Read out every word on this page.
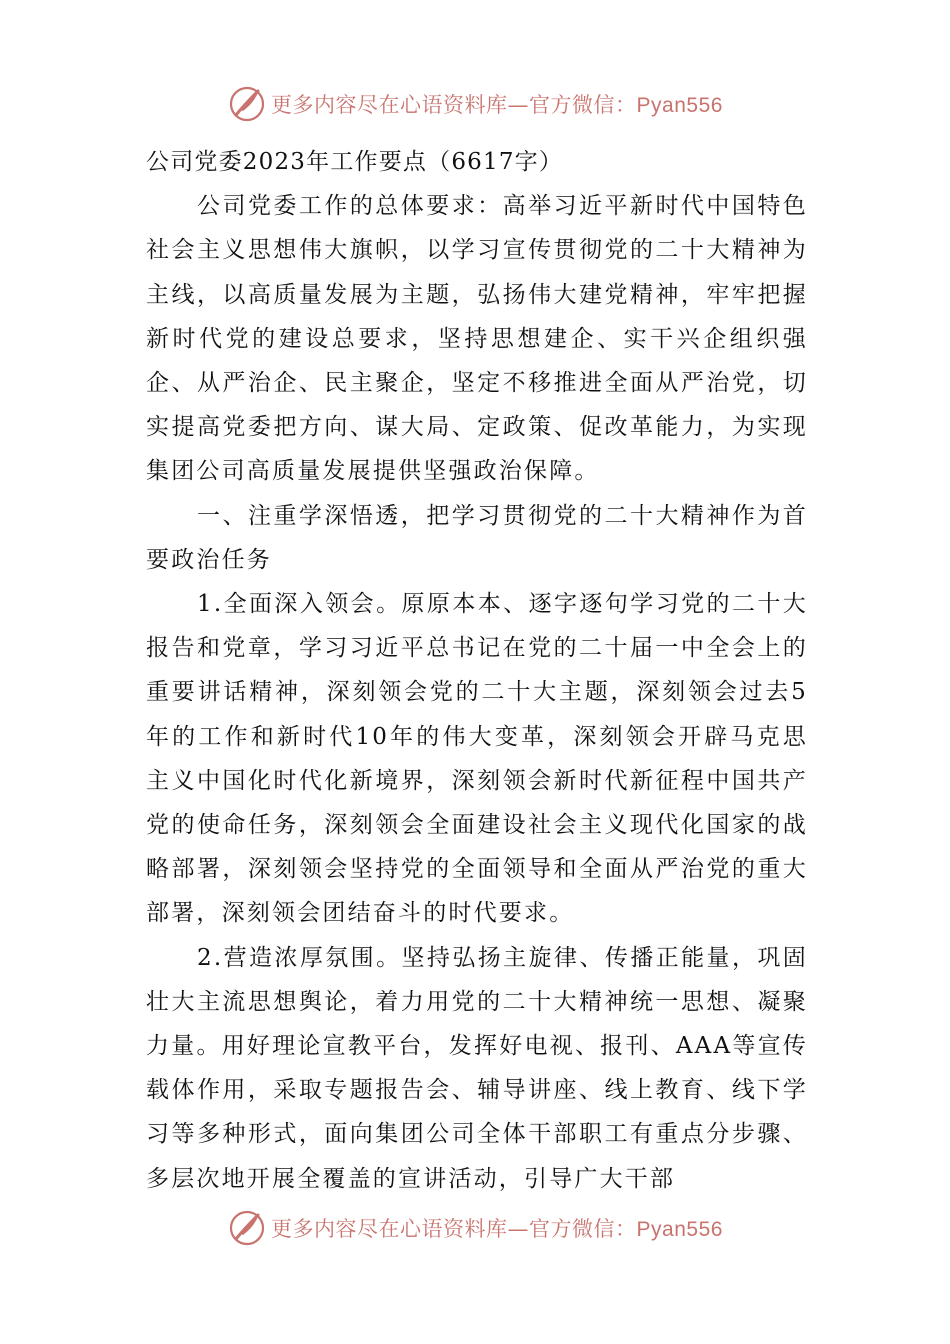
更多内容尽在心语资料库—官方微信：Pyan556

公司党委2023年工作要点（6617字）

公司党委工作的总体要求：高举习近平新时代中国特色社会主义思想伟大旗帜，以学习宣传贯彻党的二十大精神为主线，以高质量发展为主题，弘扬伟大建党精神，牢牢把握新时代党的建设总要求，坚持思想建企、实干兴企组织强企、从严治企、民主聚企，坚定不移推进全面从严治党，切实提高党委把方向、谋大局、定政策、促改革能力，为实现集团公司高质量发展提供坚强政治保障。

一、注重学深悟透，把学习贯彻党的二十大精神作为首要政治任务

1.全面深入领会。原原本本、逐字逐句学习党的二十大报告和党章，学习习近平总书记在党的二十届一中全会上的重要讲话精神，深刻领会党的二十大主题，深刻领会过去5年的工作和新时代10年的伟大变革，深刻领会开辟马克思主义中国化时代化新境界，深刻领会新时代新征程中国共产党的使命任务，深刻领会全面建设社会主义现代化国家的战略部署，深刻领会坚持党的全面领导和全面从严治党的重大部署，深刻领会团结奋斗的时代要求。

2.营造浓厚氛围。坚持弘扬主旋律、传播正能量，巩固壮大主流思想舆论，着力用党的二十大精神统一思想、凝聚力量。用好理论宣教平台，发挥好电视、报刊、AAA等宣传载体作用，采取专题报告会、辅导讲座、线上教育、线下学习等多种形式，面向集团公司全体干部职工有重点分步骤、多层次地开展全覆盖的宣讲活动，引导广大干部

更多内容尽在心语资料库—官方微信：Pyan556
